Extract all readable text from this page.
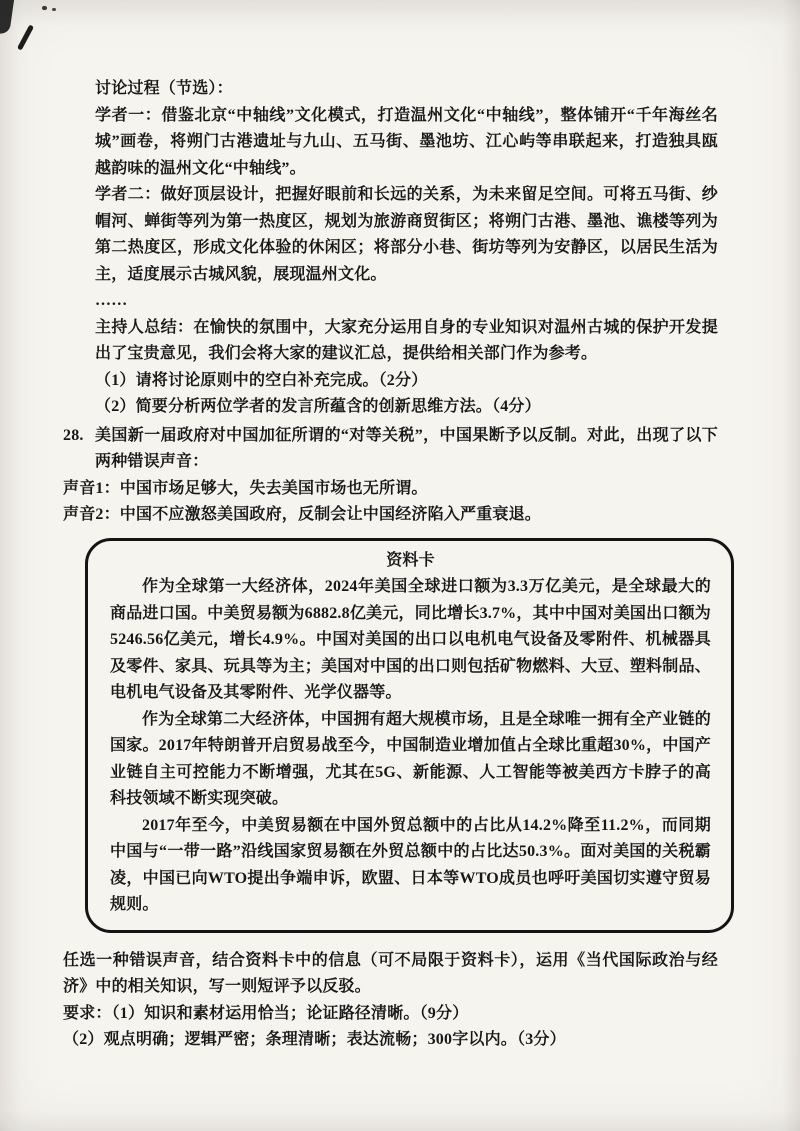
讨论过程（节选）：

学者一：借鉴北京“中轴线”文化模式，打造温州文化“中轴线”，整体铺开“千年海丝名城”画卷，将朔门古港遗址与九山、五马街、墨池坊、江心屿等串联起来，打造独具瓯越韵味的温州文化“中轴线”。

学者二：做好顶层设计，把握好眼前和长远的关系，为未来留足空间。可将五马街、纱帽河、蝉街等列为第一热度区，规划为旅游商贸街区；将朔门古港、墨池、谯楼等列为第二热度区，形成文化体验的休闲区；将部分小巷、街坊等列为安静区，以居民生活为主，适度展示古城风貌，展现温州文化。

……

主持人总结：在愉快的氛围中，大家充分运用自身的专业知识对温州古城的保护开发提出了宝贵意见，我们会将大家的建议汇总，提供给相关部门作为参考。

（1）请将讨论原则中的空白补充完成。（2分）

（2）简要分析两位学者的发言所蕴含的创新思维方法。（4分）

28. 美国新一届政府对中国加征所谓的“对等关税”，中国果断予以反制。对此，出现了以下两种错误声音：

声音1：中国市场足够大，失去美国市场也无所谓。

声音2：中国不应激怒美国政府，反制会让中国经济陷入严重衰退。

资料卡

作为全球第一大经济体，2024年美国全球进口额为3.3万亿美元，是全球最大的商品进口国。中美贸易额为6882.8亿美元，同比增长3.7%，其中中国对美国出口额为5246.56亿美元，增长4.9%。中国对美国的出口以电机电气设备及零附件、机械器具及零件、家具、玩具等为主；美国对中国的出口则包括矿物燃料、大豆、塑料制品、电机电气设备及其零附件、光学仪器等。

作为全球第二大经济体，中国拥有超大规模市场，且是全球唯一拥有全产业链的国家。2017年特朗普开启贸易战至今，中国制造业增加值占全球比重超30%，中国产业链自主可控能力不断增强，尤其在5G、新能源、人工智能等被美西方卡脖子的高科技领域不断实现突破。

2017年至今，中美贸易额在中国外贸总额中的占比从14.2%降至11.2%，而同期中国与“一带一路”沿线国家贸易额在外贸总额中的占比达50.3%。面对美国的关税霸凌，中国已向WTO提出争端申诉，欧盟、日本等WTO成员也呼吁美国切实遵守贸易规则。

任选一种错误声音，结合资料卡中的信息（可不局限于资料卡），运用《当代国际政治与经济》中的相关知识，写一则短评予以反驳。

要求：（1）知识和素材运用恰当；论证路径清晰。（9分）

（2）观点明确；逻辑严密；条理清晰；表达流畅；300字以内。（3分）
